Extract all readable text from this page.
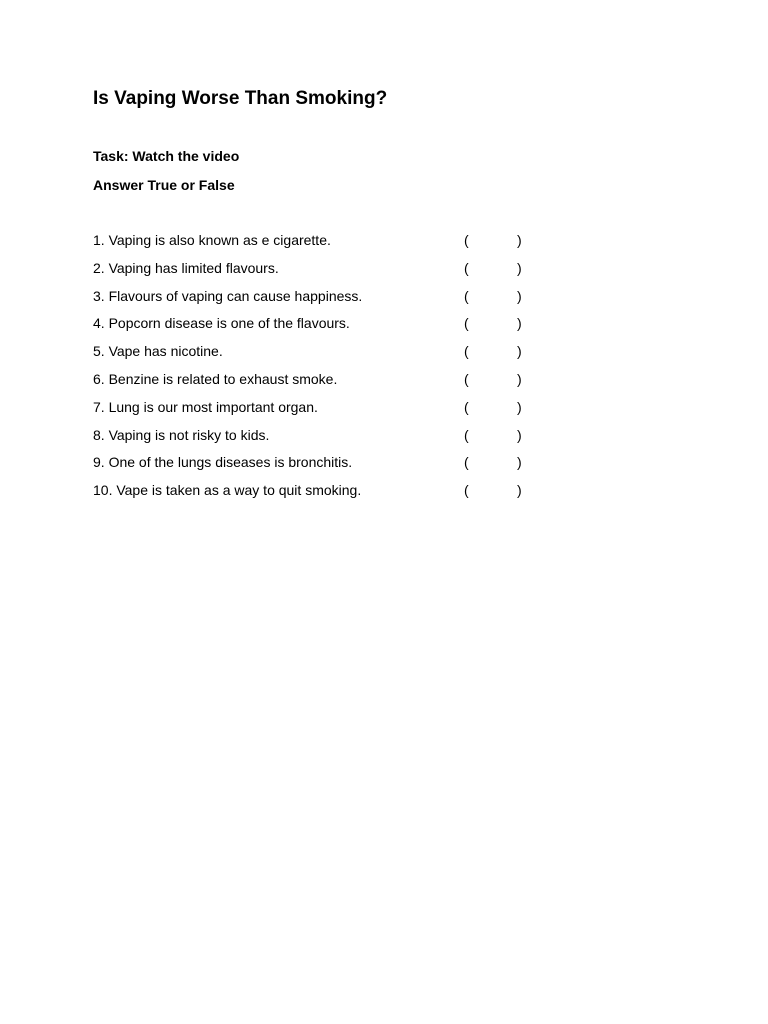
Is Vaping Worse Than Smoking?

Task: Watch the video

Answer True or False

1. Vaping is also known as e cigarette.	(	)
2. Vaping has limited flavours.	(	)
3. Flavours of vaping can cause happiness.	(	)
4. Popcorn disease is one of the flavours.	(	)
5. Vape has nicotine.	(	)
6. Benzine is related to exhaust smoke.	(	)
7. Lung is our most important organ.	(	)
8. Vaping is not risky to kids.	(	)
9. One of the lungs diseases is bronchitis.	(	)
10. Vape is taken as a way to quit smoking.	(	)
